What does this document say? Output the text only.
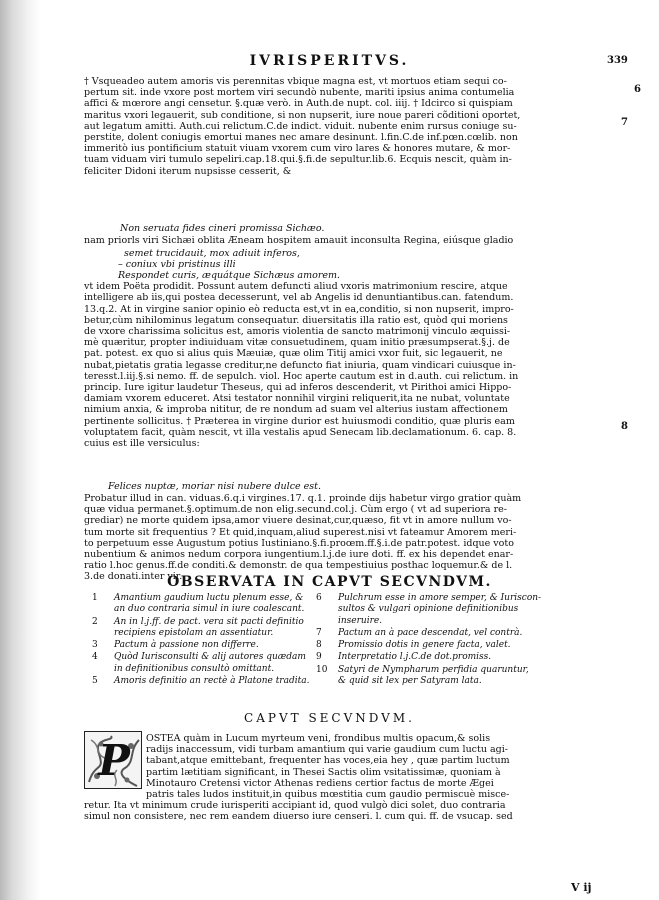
IVRISPERITVS.	339
6
7
8
† Vsqueadeo autem amoris vis perennitas vbique magna est, vt mortuos etiam sequi co-
pertum sit. inde vxore post mortem viri secundò nubente, mariti ipsius anima contumelia
affici & mœrore angi censetur. §.quæ verò. in Auth.de nupt. col. iiij. † Idcirco si quispiam
maritus vxori legauerit, sub conditione, si non nupserit, iure noue pareri cõditioni oportet,
aut legatum amitti. Auth.cui relictum.C.de indict. viduit. nubente enim rursus coniuge su-
perstite, dolent coniugis emortui manes nec amare desinunt. l.fin.C.de inf.pœn.cœlib. non
immeritò ius pontificium statuit viuam vxorem cum viro lares & honores mutare, & mor-
tuam viduam viri tumulo sepeliri.cap.18.qui.§.fi.de sepultur.lib.6. Ecquis nescit, quàm in-
feliciter Didoni iterum nupsisse cesserit, &
Non seruata fides cineri promissa Sichæo.
nam priorls viri Sichæi oblita Æneam hospitem amauit inconsulta Regina, eiúsque gladio
semet trucidauit, mox adiuit inferos,
– coniux vbi pristinus illi
Respondet curis, æquátque Sichæus amorem.
vt idem Poëta prodidit. Possunt autem defuncti aliud vxoris matrimonium rescire, atque
intelligere ab iis,qui postea decesserunt, vel ab Angelis id denuntiantibus.can. fatendum.
13.q.2. At in virgine sanior opinio eò reducta est,vt in ea,conditio, si non nupserit, impro-
betur,cùm nihilominus legatum consequatur. diuersitatis illa ratio est, quòd qui moriens
de vxore charissima solicitus est, amoris violentia de sancto matrimonij vinculo æquissi-
mè quæritur, propter indiuiduam vitæ consuetudinem, quam initio præsumpserat.§.j. de
pat. potest. ex quo si alius quis Mæuiæ, quæ olim Titij amici vxor fuit, sic legauerit, ne
nubat,pietatis gratia legasse creditur,ne defuncto fiat iniuria, quam vindicari cuiusque in-
teresst.l.iij.§.si nemo. ff. de sepulch. viol. Hoc aperte cautum est in d.auth. cui relictum. in
princip. Iure igitur laudetur Theseus, qui ad inferos descenderit, vt Pirithoi amici Hippo-
damiam vxorem educeret. Atsi testator nonnihil virgini reliquerit,ita ne nubat, voluntate
nimium anxia, & improba nititur, de re nondum ad suam vel alterius iustam affectionem
pertinente sollicitus. † Præterea in virgine durior est huiusmodi conditio, quæ pluris eam
voluptatem facit, quàm nescit, vt illa vestalis apud Senecam lib.declamationum. 6. cap. 8.
cuius est ille versiculus:
Felices nuptæ, moriar nisi nubere dulce est.
Probatur illud in can. viduas.6.q.i virgines.17. q.1. proinde dijs habetur virgo gratior quàm
quæ vidua permanet.§.optimum.de non elig.secund.col.j. Cùm ergo ( vt ad superiora re-
grediar) ne morte quidem ipsa,amor viuere desinat,cur,quæso, fit vt in amore nullum vo-
tum morte sit frequentius ? Et quid,inquam,aliud superest.nisi vt fateamur Amorem meri-
to perpetuum esse Augustum potius Iustiniano.§.fi.proœm.ff.§.i.de patr.potest. idque voto
nubentium & animos nedum corpora iungentium.l.j.de iure doti. ff. ex his dependet enar-
ratio l.hoc genus.ff.de conditi.& demonstr. de qua tempestiuius posthac loquemur.& de l.
3.de donati.inter vir.
OBSERVATA IN CAPVT SECVNDVM.
1	Amantium gaudium luctu plenum esse, &
an duo contraria simul in iure coalescant.
2	An in l.j.ff. de pact. vera sit pacti definitio
recipiens epistolam an assentiatur.
3	Pactum à passione non differre.
4	Quòd Iurisconsulti & alij autores quædam
in definitionibus consultò omittant.
5	Amoris definitio an rectè à Platone tradita.
6	Pulchrum esse in amore semper, & Iuriscon-
sultos & vulgari opinione definitionibus
inseruire.
7	Pactum an à pace descendat, vel contrà.
8	Promissio dotis in genere facta, valet.
9	Interpretatio l.j.C.de dot.promiss.
10	Satyri de Nympharum perfidia quaruntur,
& quid sit lex per Satyram lata.
CAPVT SECVNDVM.
P	OSTEA quàm in Lucum myrteum veni, frondibus multis opacum,& solis
radijs inaccessum, vidi turbam amantium qui varie gaudium cum luctu agi-
tabant,atque emittebant, frequenter has voces,eia hey , quæ partim luctum
partim lætitiam significant, in Thesei Sactis olim vsitatissimæ, quoniam à
Minotauro Cretensi victor Athenas rediens certior factus de morte Ægei
patris tales ludos instituit,in quibus mœstitia cum gaudio permiscuè misce-
retur. Ita vt minimum crude iurisperiti accipiant id, quod vulgò dici solet, duo contraria
simul non consistere, nec rem eandem diuerso iure censeri. l. cum qui. ff. de vsucap. sed
V ij
